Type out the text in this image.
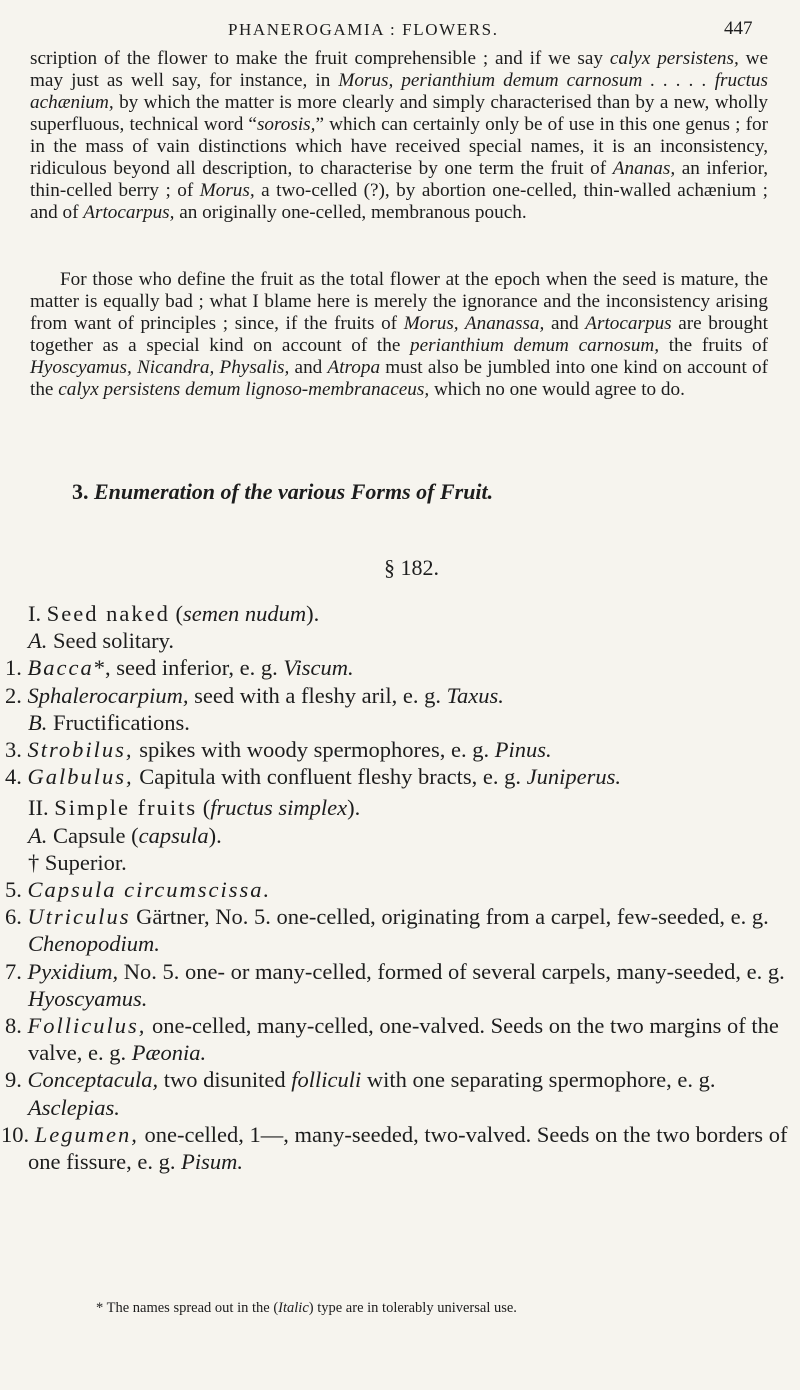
PHANEROGAMIA : FLOWERS.	447

scription of the flower to make the fruit comprehensible ; and if we say calyx persistens, we may just as well say, for instance, in Morus, perianthium demum carnosum . . . . . fructus achænium, by which the matter is more clearly and simply characterised than by a new, wholly superfluous, technical word “sorosis,” which can certainly only be of use in this one genus ; for in the mass of vain distinctions which have received special names, it is an inconsistency, ridiculous beyond all description, to characterise by one term the fruit of Ananas, an inferior, thin-celled berry ; of Morus, a two-celled (?), by abortion one-celled, thin-walled achænium ; and of Artocarpus, an originally one-celled, membranous pouch.

For those who define the fruit as the total flower at the epoch when the seed is mature, the matter is equally bad ; what I blame here is merely the ignorance and the inconsistency arising from want of principles ; since, if the fruits of Morus, Ananassa, and Artocarpus are brought together as a special kind on account of the perianthium demum carnosum, the fruits of Hyoscyamus, Nicandra, Physalis, and Atropa must also be jumbled into one kind on account of the calyx persistens demum lignoso-membranaceus, which no one would agree to do.

3. Enumeration of the various Forms of Fruit.
§ 182.
I. Seed naked (semen nudum).
A. Seed solitary.
1. Bacca*, seed inferior, e. g. Viscum.
2. Sphalerocarpium, seed with a fleshy aril, e. g. Taxus.
B. Fructifications.
3. Strobilus, spikes with woody spermophores, e. g. Pinus.
4. Galbulus, Capitula with confluent fleshy bracts, e. g. Juniperus.
II. Simple fruits (fructus simplex).
A. Capsule (capsula).
† Superior.
5. Capsula circumscissa.
6. Utriculus Gärtner, No. 5. one-celled, originating from a carpel, few-seeded, e. g. Chenopodium.
7. Pyxidium, No. 5. one- or many-celled, formed of several carpels, many-seeded, e. g. Hyoscyamus.
8. Folliculus, one-celled, many-celled, one-valved. Seeds on the two margins of the valve, e. g. Pæonia.
9. Conceptacula, two disunited folliculi with one separating spermophore, e. g. Asclepias.
10. Legumen, one-celled, 1—, many-seeded, two-valved. Seeds on the two borders of one fissure, e. g. Pisum.

* The names spread out in the (Italic) type are in tolerably universal use.
